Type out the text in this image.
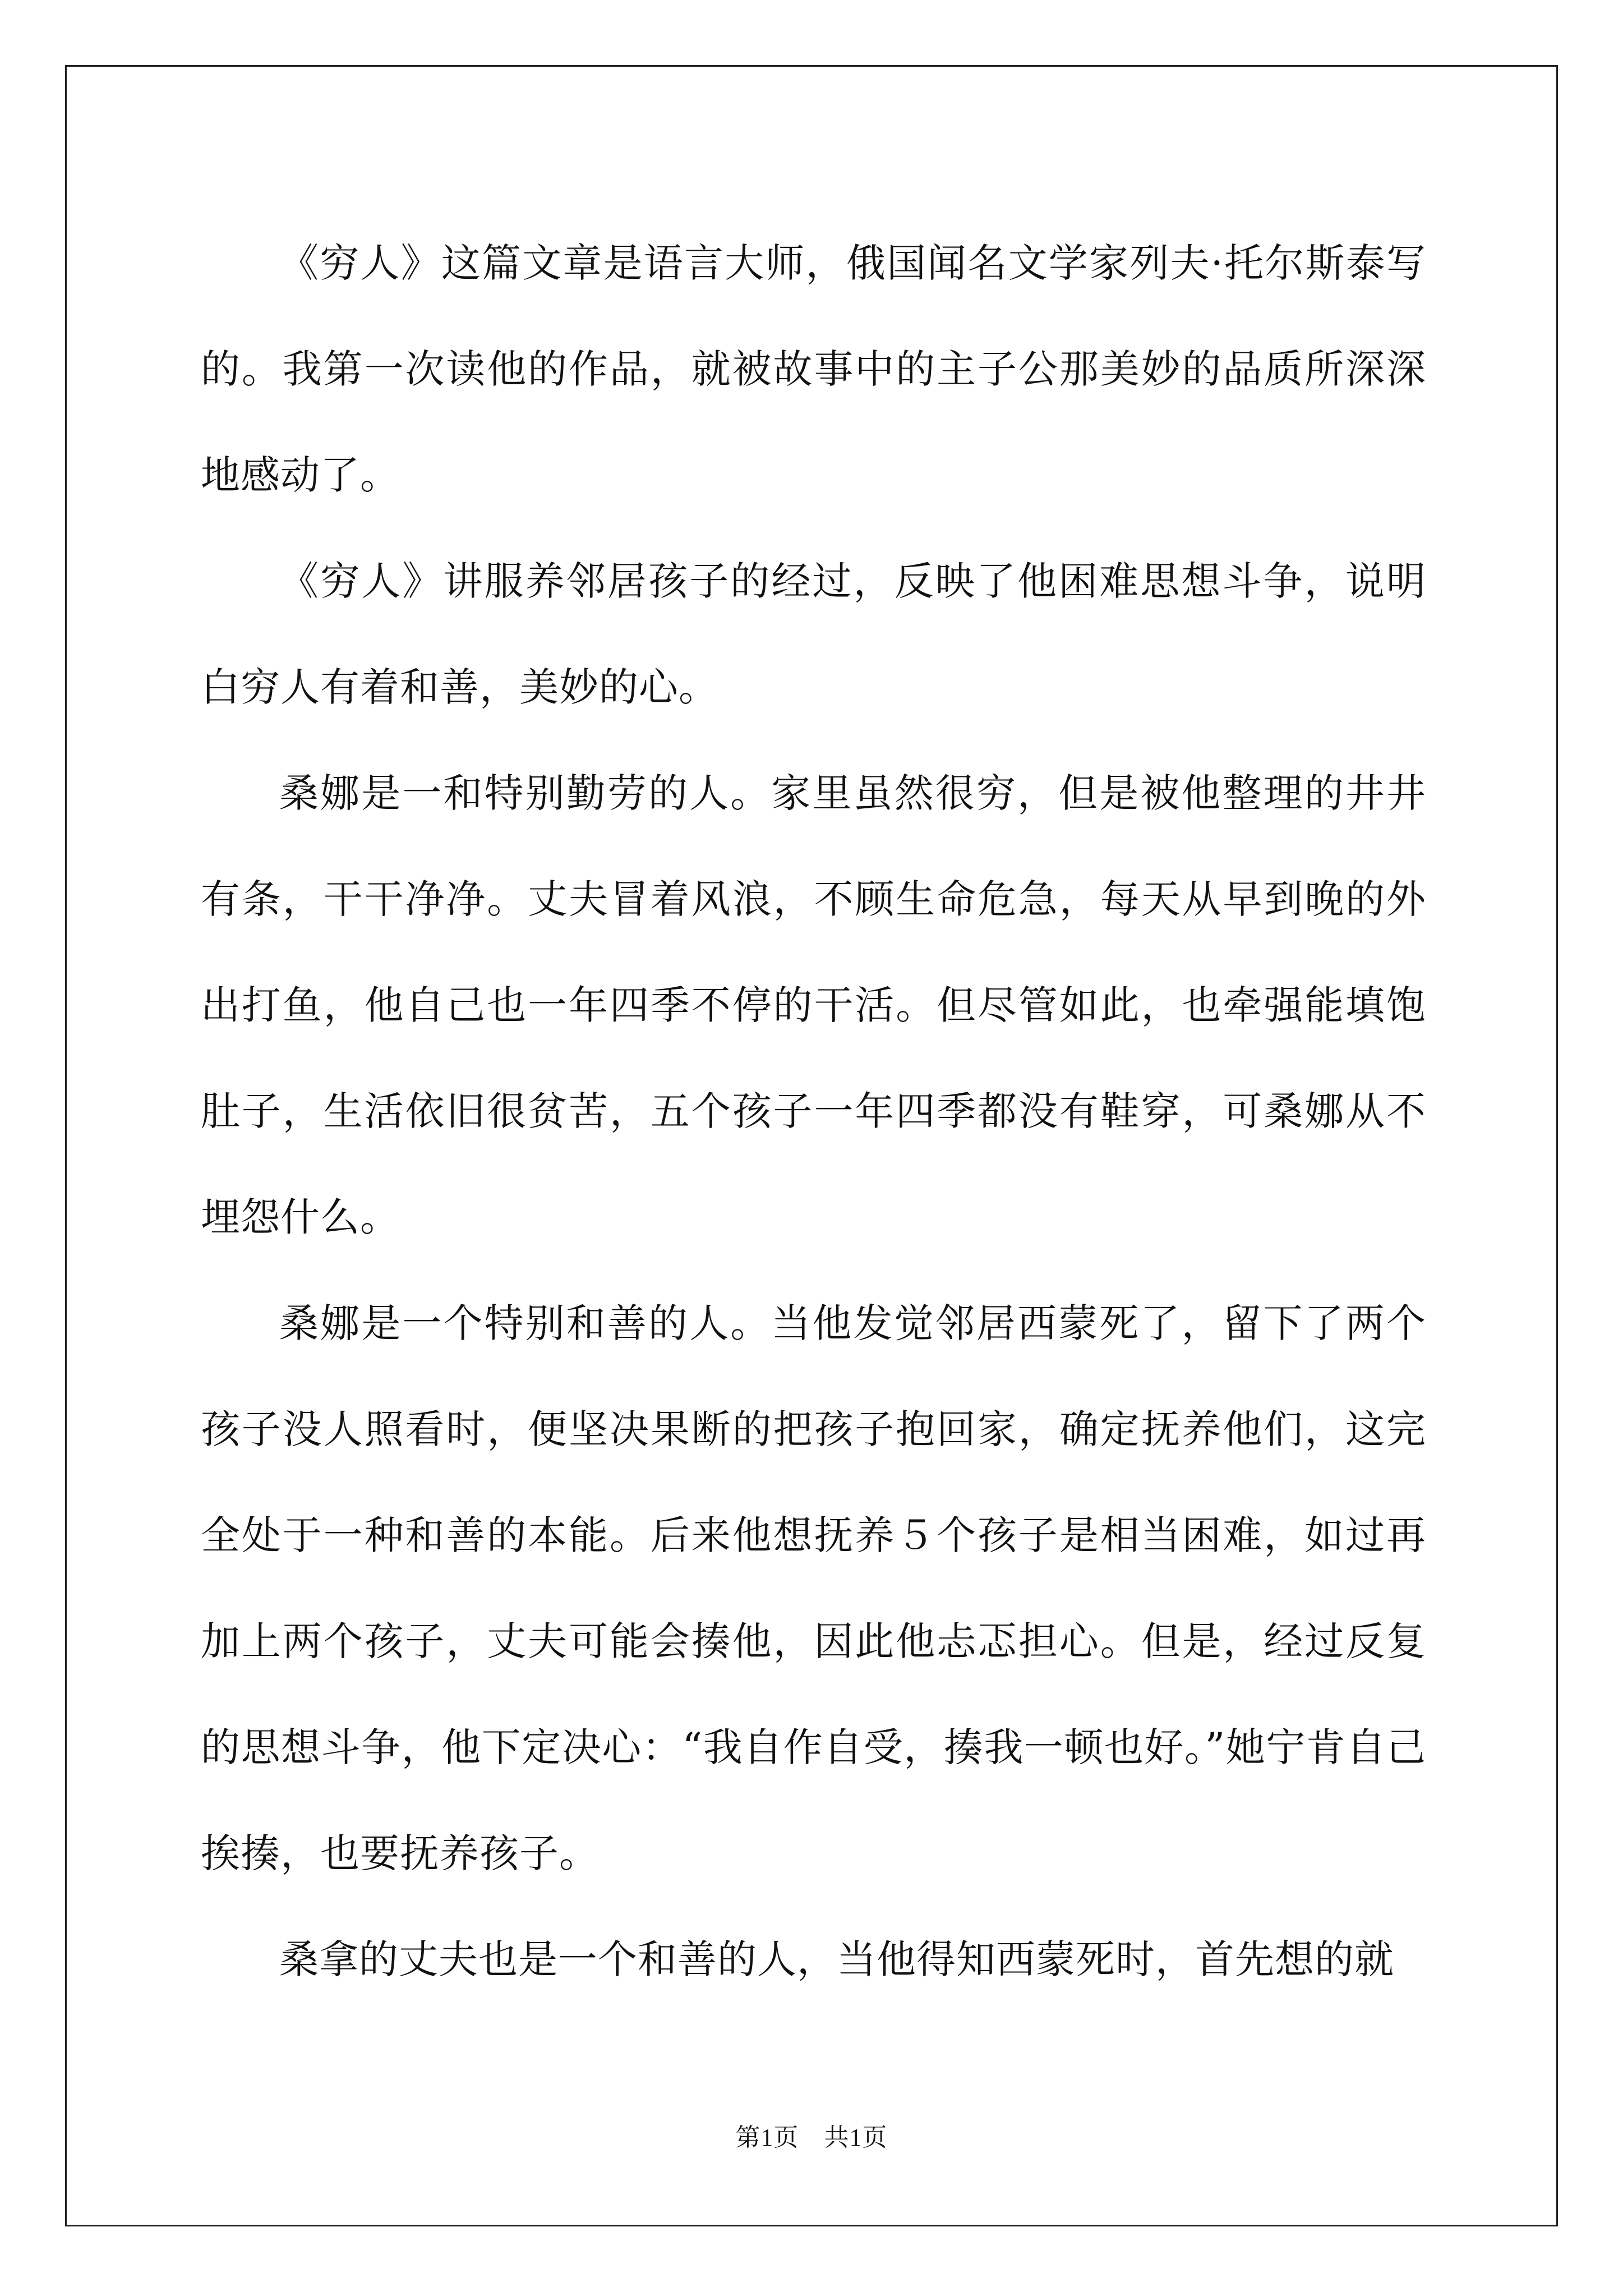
《穷人》这篇文章是语言大师，俄国闻名文学家列夫·托尔斯泰写的。我第一次读他的作品，就被故事中的主子公那美妙的品质所深深地感动了。

《穷人》讲服养邻居孩子的经过，反映了他困难思想斗争，说明白穷人有着和善，美妙的心。

桑娜是一和特别勤劳的人。家里虽然很穷，但是被他整理的井井有条，干干净净。丈夫冒着风浪，不顾生命危急，每天从早到晚的外出打鱼，他自己也一年四季不停的干活。但尽管如此，也牵强能填饱肚子，生活依旧很贫苦，五个孩子一年四季都没有鞋穿，可桑娜从不埋怨什么。

桑娜是一个特别和善的人。当他发觉邻居西蒙死了，留下了两个孩子没人照看时，便坚决果断的把孩子抱回家，确定抚养他们，这完全处于一种和善的本能。后来他想抚养５个孩子是相当困难，如过再加上两个孩子，丈夫可能会揍他，因此他忐忑担心。但是，经过反复的思想斗争，他下定决心：“我自作自受，揍我一顿也好。”她宁肯自己挨揍，也要抚养孩子。

桑拿的丈夫也是一个和善的人，当他得知西蒙死时，首先想的就

第1页　共1页
